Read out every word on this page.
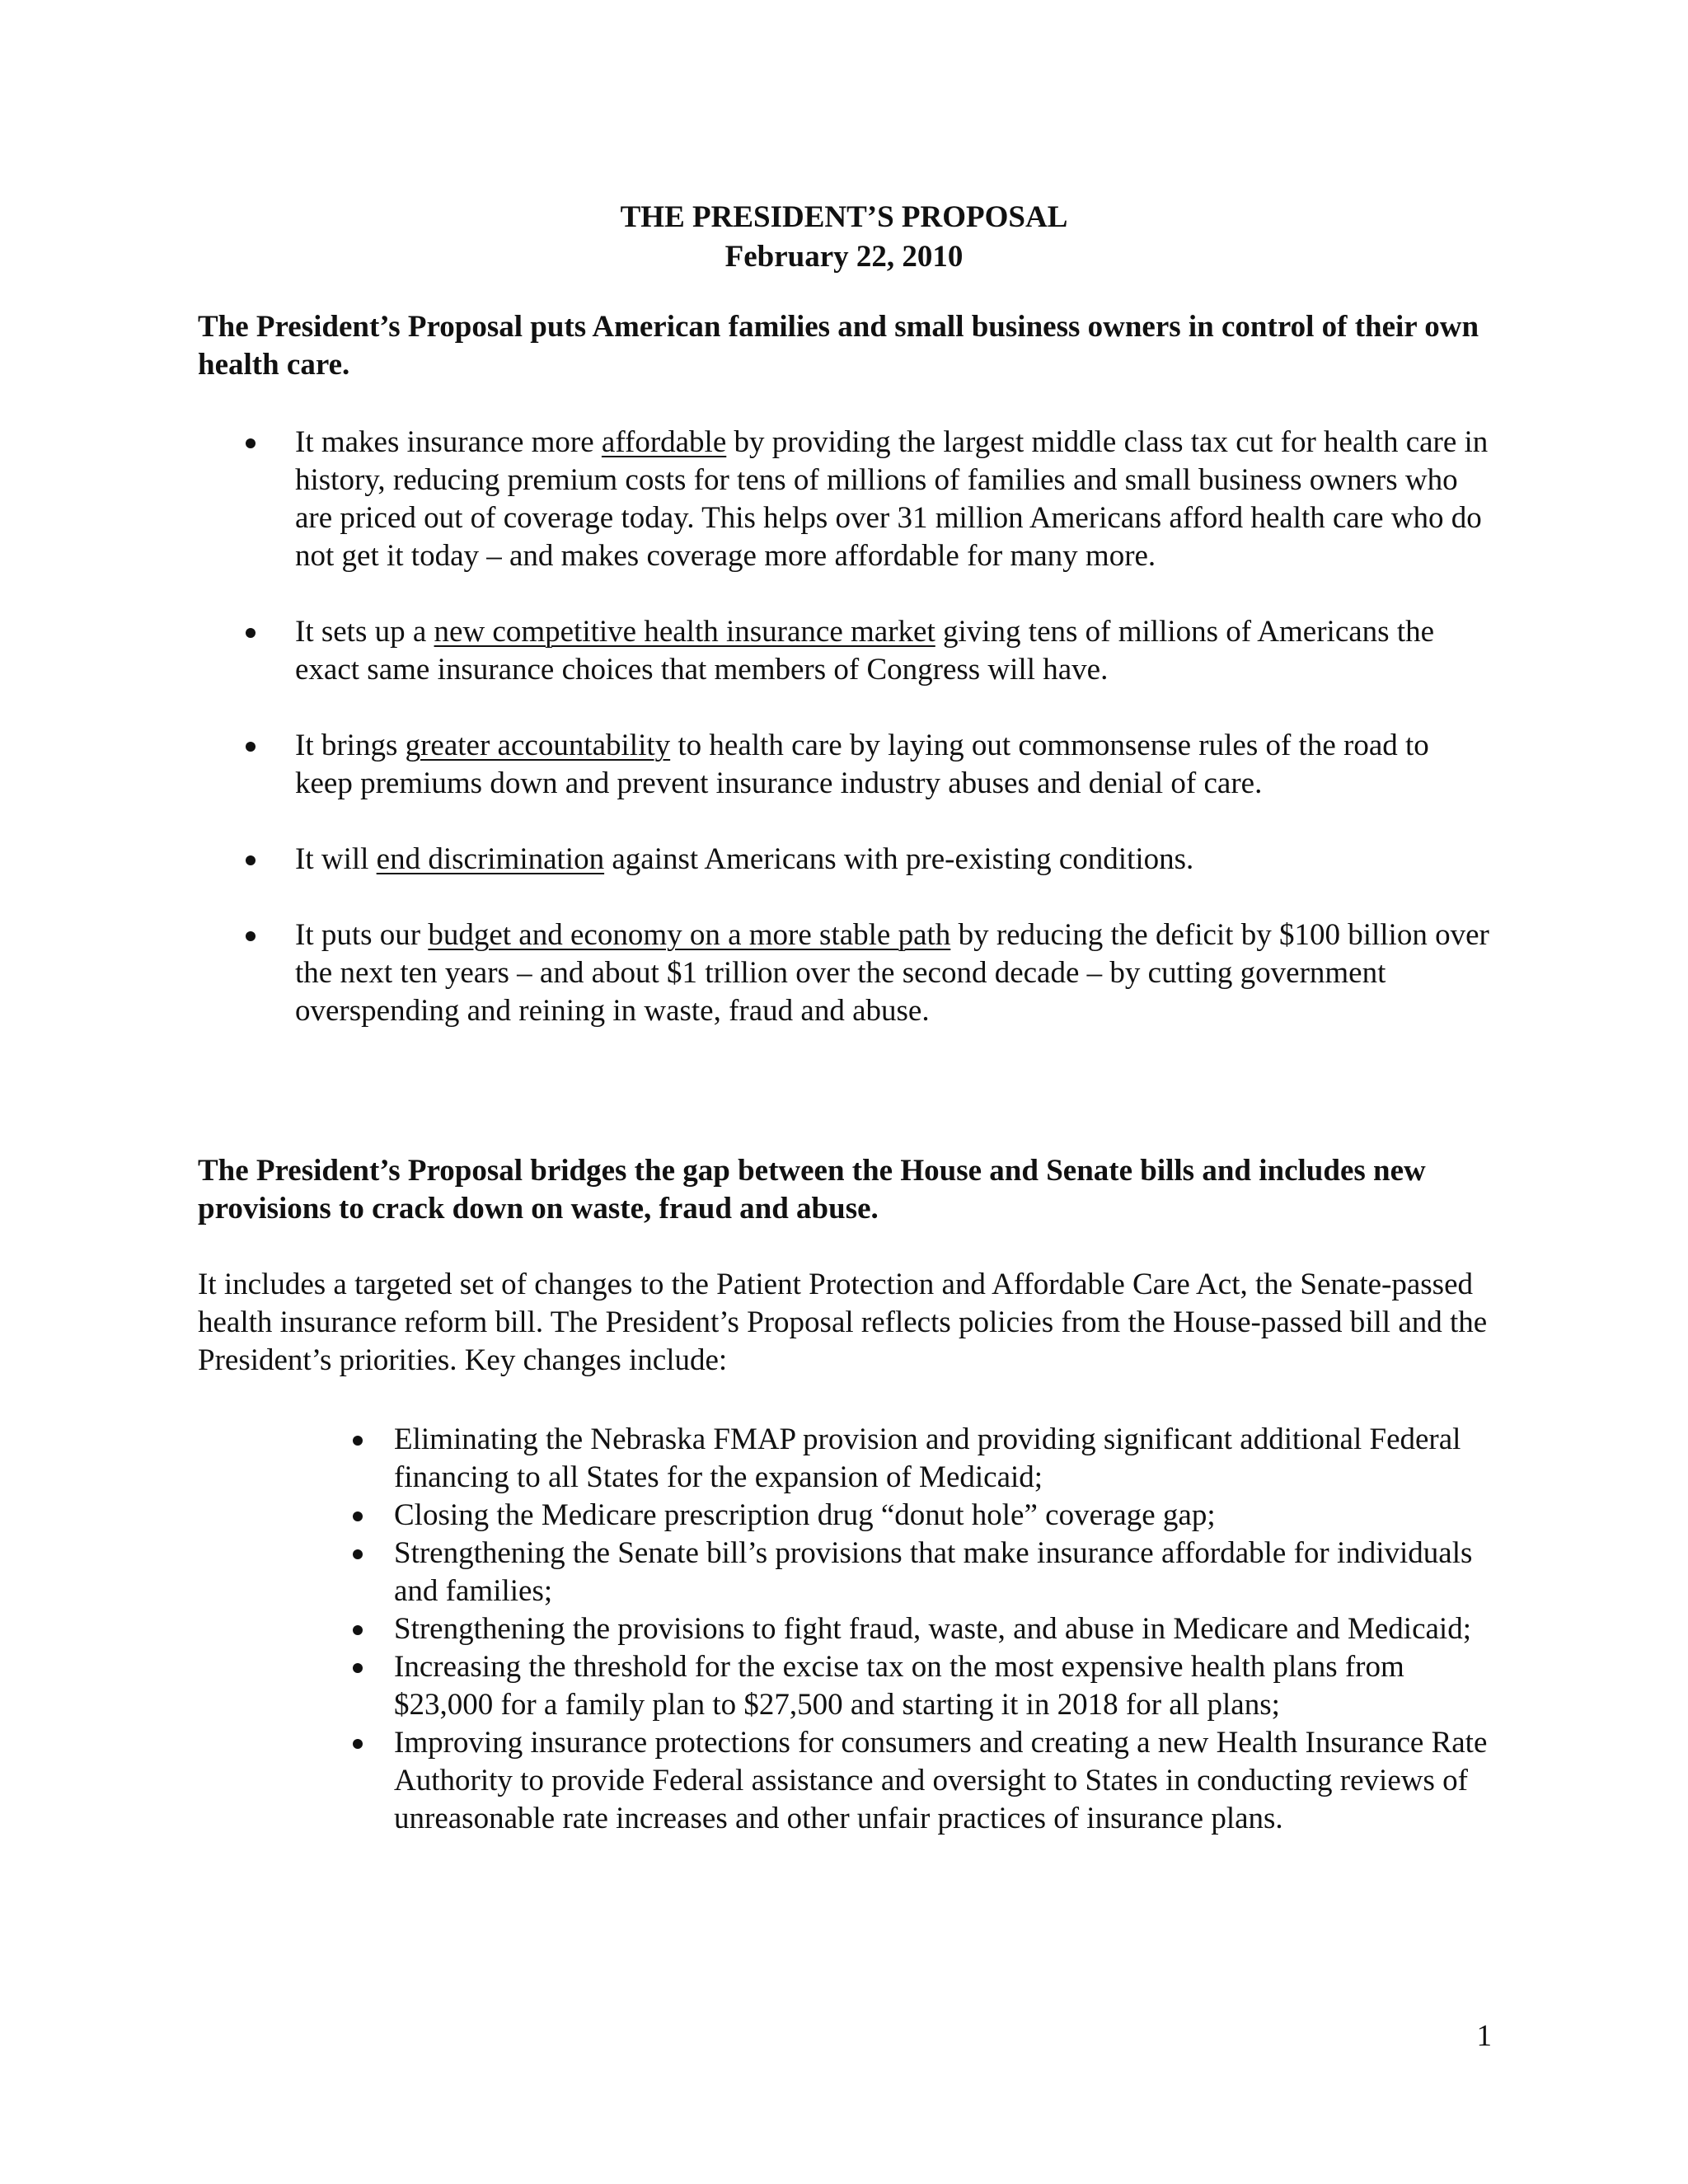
THE PRESIDENT’S PROPOSAL
February 22, 2010

The President’s Proposal puts American families and small business owners in control of their own health care.

It makes insurance more affordable by providing the largest middle class tax cut for health care in history, reducing premium costs for tens of millions of families and small business owners who are priced out of coverage today. This helps over 31 million Americans afford health care who do not get it today – and makes coverage more affordable for many more.
It sets up a new competitive health insurance market giving tens of millions of Americans the exact same insurance choices that members of Congress will have.
It brings greater accountability to health care by laying out commonsense rules of the road to keep premiums down and prevent insurance industry abuses and denial of care.
It will end discrimination against Americans with pre-existing conditions.
It puts our budget and economy on a more stable path by reducing the deficit by $100 billion over the next ten years – and about $1 trillion over the second decade – by cutting government overspending and reining in waste, fraud and abuse.

The President’s Proposal bridges the gap between the House and Senate bills and includes new provisions to crack down on waste, fraud and abuse.

It includes a targeted set of changes to the Patient Protection and Affordable Care Act, the Senate-passed health insurance reform bill. The President’s Proposal reflects policies from the House-passed bill and the President’s priorities. Key changes include:

Eliminating the Nebraska FMAP provision and providing significant additional Federal financing to all States for the expansion of Medicaid;
Closing the Medicare prescription drug “donut hole” coverage gap;
Strengthening the Senate bill’s provisions that make insurance affordable for individuals and families;
Strengthening the provisions to fight fraud, waste, and abuse in Medicare and Medicaid;
Increasing the threshold for the excise tax on the most expensive health plans from $23,000 for a family plan to $27,500 and starting it in 2018 for all plans;
Improving insurance protections for consumers and creating a new Health Insurance Rate Authority to provide Federal assistance and oversight to States in conducting reviews of unreasonable rate increases and other unfair practices of insurance plans.
1
